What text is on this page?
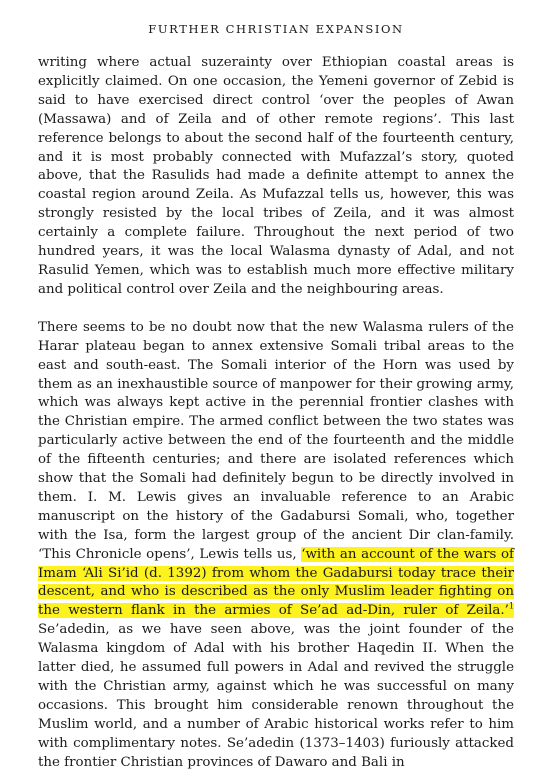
FURTHER CHRISTIAN EXPANSION

writing where actual suzerainty over Ethiopian coastal areas is explicitly claimed. On one occasion, the Yemeni governor of Zebid is said to have exercised direct control ‘over the peoples of Awan (Massawa) and of Zeila and of other remote regions’. This last reference belongs to about the second half of the fourteenth century, and it is most probably connected with Mufazzal’s story, quoted above, that the Rasulids had made a definite attempt to annex the coastal region around Zeila. As Mufazzal tells us, however, this was strongly resisted by the local tribes of Zeila, and it was almost certainly a complete failure. Throughout the next period of two hundred years, it was the local Walasma dynasty of Adal, and not Rasulid Yemen, which was to establish much more effective military and political control over Zeila and the neighbouring areas.

There seems to be no doubt now that the new Walasma rulers of the Harar plateau began to annex extensive Somali tribal areas to the east and south-east. The Somali interior of the Horn was used by them as an inexhaustible source of manpower for their growing army, which was always kept active in the perennial frontier clashes with the Christian empire. The armed conflict between the two states was particularly active between the end of the fourteenth and the middle of the fifteenth centuries; and there are isolated references which show that the Somali had definitely begun to be directly involved in them. I. M. Lewis gives an invaluable reference to an Arabic manuscript on the history of the Gadabursi Somali, who, together with the Isa, form the largest group of the ancient Dir clan-family. ‘This Chronicle opens’, Lewis tells us, ‘with an account of the wars of Imam ‘Ali Si’id (d. 1392) from whom the Gadabursi today trace their descent, and who is described as the only Muslim leader fighting on the western flank in the armies of Se’ad ad-Din, ruler of Zeila.’$^1$ Se’adedin, as we have seen above, was the joint founder of the Walasma kingdom of Adal with his brother Haqedin II. When the latter died, he assumed full powers in Adal and revived the struggle with the Christian army, against which he was successful on many occasions. This brought him considerable renown throughout the Muslim world, and a number of Arabic historical works refer to him with complimentary notes. Se’adedin (1373–1403) furiously attacked the frontier Christian provinces of Dawaro and Bali in
